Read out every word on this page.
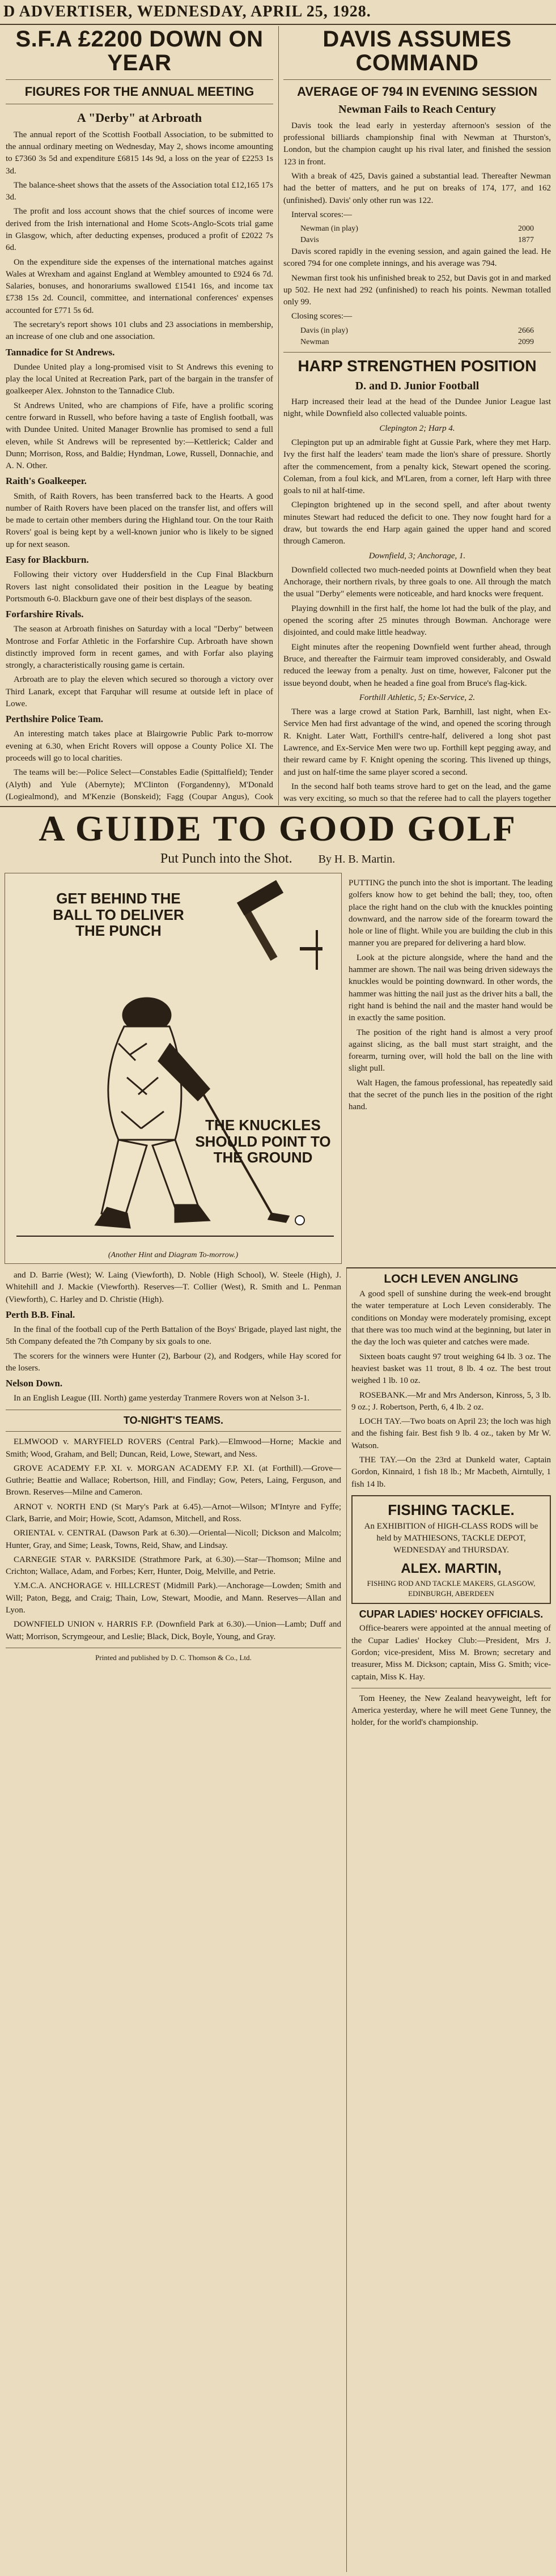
D ADVERTISER, WEDNESDAY, APRIL 25, 1928.

S.F.A £2200 DOWN ON YEAR

FIGURES FOR THE ANNUAL MEETING

A "Derby" at Arbroath

The annual report of the Scottish Football Association, to be submitted to the annual ordinary meeting on Wednesday, May 2, shows income amounting to £7360 3s 5d and expenditure £6815 14s 9d, a loss on the year of £2253 1s 3d.

The balance-sheet shows that the assets of the Association total £12,165 17s 3d.

The profit and loss account shows that the chief sources of income were derived from the Irish international and Home Scots-Anglo-Scots trial game in Glasgow, which, after deducting expenses, produced a profit of £2022 7s 6d.

On the expenditure side the expenses of the international matches against Wales at Wrexham and against England at Wembley amounted to £924 6s 7d. Salaries, bonuses, and honorariums swallowed £1541 16s, and income tax £738 15s 2d. Council, committee, and international conferences' expenses accounted for £771 5s 6d.

The secretary's report shows 101 clubs and 23 associations in membership, an increase of one club and one association.

Tannadice for St Andrews.

Dundee United play a long-promised visit to St Andrews this evening to play the local United at Recreation Park, part of the bargain in the transfer of goalkeeper Alex. Johnston to the Tannadice Club.

St Andrews United, who are champions of Fife, have a prolific scoring centre forward in Russell, who before having a taste of English football, was with Dundee United. United Manager Brownlie has promised to send a full eleven, while St Andrews will be represented by:—Kettlerick; Calder and Dunn; Morrison, Ross, and Baldie; Hyndman, Lowe, Russell, Donnachie, and A. N. Other.

Raith's Goalkeeper.

Smith, of Raith Rovers, has been transferred back to the Hearts. A good number of Raith Rovers have been placed on the transfer list, and offers will be made to certain other members during the Highland tour. On the tour Raith Rovers' goal is being kept by a well-known junior who is likely to be signed up for next season.

Easy for Blackburn.

Following their victory over Huddersfield in the Cup Final Blackburn Rovers last night consolidated their position in the League by beating Portsmouth 6-0. Blackburn gave one of their best displays of the season.

Forfarshire Rivals.

The season at Arbroath finishes on Saturday with a local "Derby" between Montrose and Forfar Athletic in the Forfarshire Cup. Arbroath have shown distinctly improved form in recent games, and with Forfar also playing strongly, a characteristically rousing game is certain.

Arbroath are to play the eleven which secured so thorough a victory over Third Lanark, except that Farquhar will resume at outside left in place of Lowe.

Perthshire Police Team.

An interesting match takes place at Blairgowrie Public Park to-morrow evening at 6.30, when Ericht Rovers will oppose a County Police XI. The proceeds will go to local charities.

The teams will be:—Police Select—Constables Eadie (Spittalfield); Tender (Alyth) and Yule (Abernyte); M'Clinton (Forgandenny), M'Donald (Logiealmond), and M'Kenzie (Bonskeid); Fagg (Coupar Angus), Cook

DAVIS ASSUMES COMMAND

AVERAGE OF 794 IN EVENING SESSION

Newman Fails to Reach Century

Davis took the lead early in yesterday afternoon's session of the professional billiards championship final with Newman at Thurston's, London, but the champion caught up his rival later, and finished the session 123 in front.

With a break of 425, Davis gained a substantial lead. Thereafter Newman had the better of matters, and he put on breaks of 174, 177, and 162 (unfinished). Davis' only other run was 122.

Interval scores:—

Newman (in play)	2000
Davis	1877

Davis scored rapidly in the evening session, and again gained the lead. He scored 794 for one complete innings, and his average was 794.

Newman first took his unfinished break to 252, but Davis got in and marked up 502. He next had 292 (unfinished) to reach his points. Newman totalled only 99.

Closing scores:—

Davis (in play)	2666
Newman	2099

HARP STRENGTHEN POSITION

D. and D. Junior Football

Harp increased their lead at the head of the Dundee Junior League last night, while Downfield also collected valuable points.

Clepington 2; Harp 4.

Clepington put up an admirable fight at Gussie Park, where they met Harp. Ivy the first half the leaders' team made the lion's share of pressure. Shortly after the commencement, from a penalty kick, Stewart opened the scoring. Coleman, from a foul kick, and M'Laren, from a corner, left Harp with three goals to nil at half-time.

Clepington brightened up in the second spell, and after about twenty minutes Stewart had reduced the deficit to one. They now fought hard for a draw, but towards the end Harp again gained the upper hand and scored through Cameron.

Downfield, 3; Anchorage, 1.

Downfield collected two much-needed points at Downfield when they beat Anchorage, their northern rivals, by three goals to one. All through the match the usual "Derby" elements were noticeable, and hard knocks were frequent.

Playing downhill in the first half, the home lot had the bulk of the play, and opened the scoring after 25 minutes through Bowman. Anchorage were disjointed, and could make little headway.

Eight minutes after the reopening Downfield went further ahead, through Bruce, and thereafter the Fairmuir team improved considerably, and Oswald reduced the leeway from a penalty. Just on time, however, Falconer put the issue beyond doubt, when he headed a fine goal from Bruce's flag-kick.

Forthill Athletic, 5; Ex-Service, 2.

There was a large crowd at Station Park, Barnhill, last night, when Ex-Service Men had first advantage of the wind, and opened the scoring through R. Knight. Later Watt, Forthill's centre-half, delivered a long shot past Lawrence, and Ex-Service Men were two up. Forthill kept pegging away, and their reward came by F. Knight opening the scoring. This livened up things, and just on half-time the same player scored a second.

In the second half both teams strove hard to get on the lead, and the game was very exciting, so much so that the referee had to call the players together

A GUIDE TO GOOD GOLF
Put Punch into the Shot. By H. B. Martin.
GET BEHIND THE BALL TO DELIVER THE PUNCH
THE KNUCKLES SHOULD POINT TO THE GROUND
(Another Hint and Diagram To-morrow.)

PUTTING the punch into the shot is important. The leading golfers know how to get behind the ball; they, too, often place the right hand on the club with the knuckles pointing downward, and the narrow side of the forearm toward the hole or line of flight. While you are building the club in this manner you are prepared for delivering a hard blow.

Look at the picture alongside, where the hand and the hammer are shown. The nail was being driven sideways the knuckles would be pointing downward. In other words, the hammer was hitting the nail just as the driver hits a ball, the right hand is behind the nail and the master hand would be in exactly the same position.

The position of the right hand is almost a very proof against slicing, as the ball must start straight, and the forearm, turning over, will hold the ball on the line with slight pull.

Walt Hagen, the famous professional, has repeatedly said that the secret of the punch lies in the position of the right hand.

and D. Barrie (West); W. Laing (Viewforth), D. Noble (High School), W. Steele (High), J. Whitehill and J. Mackie (Viewforth). Reserves—T. Collier (West), R. Smith and L. Penman (Viewforth), C. Harley and D. Christie (High).

Perth B.B. Final.

In the final of the football cup of the Perth Battalion of the Boys' Brigade, played last night, the 5th Company defeated the 7th Company by six goals to one.

The scorers for the winners were Hunter (2), Barbour (2), and Rodgers, while Hay scored for the losers.

Nelson Down.

In an English League (III. North) game yesterday Tranmere Rovers won at Nelson 3-1.

TO-NIGHT'S TEAMS.

ELMWOOD v. MARYFIELD ROVERS (Central Park).—Elmwood—Horne; Mackie and Smith; Wood, Graham, and Bell; Duncan, Reid, Lowe, Stewart, and Ness.

GROVE ACADEMY F.P. XI. v. MORGAN ACADEMY F.P. XI. (at Forthill).—Grove—Guthrie; Beattie and Wallace; Robertson, Hill, and Findlay; Gow, Peters, Laing, Ferguson, and Brown. Reserves—Milne and Cameron.

ARNOT v. NORTH END (St Mary's Park at 6.45).—Arnot—Wilson; M'Intyre and Fyffe; Clark, Barrie, and Moir; Howie, Scott, Adamson, Mitchell, and Ross.

ORIENTAL v. CENTRAL (Dawson Park at 6.30).—Oriental—Nicoll; Dickson and Malcolm; Hunter, Gray, and Sime; Leask, Towns, Reid, Shaw, and Lindsay.

CARNEGIE STAR v. PARKSIDE (Strathmore Park, at 6.30).—Star—Thomson; Milne and Crichton; Wallace, Adam, and Forbes; Kerr, Hunter, Doig, Melville, and Petrie.

Y.M.C.A. ANCHORAGE v. HILLCREST (Midmill Park).—Anchorage—Lowden; Smith and Will; Paton, Begg, and Craig; Thain, Low, Stewart, Moodie, and Mann. Reserves—Allan and Lyon.

DOWNFIELD UNION v. HARRIS F.P. (Downfield Park at 6.30).—Union—Lamb; Duff and Watt; Morrison, Scrymgeour, and Leslie; Black, Dick, Boyle, Young, and Gray.

Printed and published by D. C. Thomson & Co., Ltd.

LOCH LEVEN ANGLING

A good spell of sunshine during the week-end brought the water temperature at Loch Leven considerably. The conditions on Monday were moderately promising, except that there was too much wind at the beginning, but later in the day the loch was quieter and catches were made.

Sixteen boats caught 97 trout weighing 64 lb. 3 oz. The heaviest basket was 11 trout, 8 lb. 4 oz. The best trout weighed 1 lb. 10 oz.

ROSEBANK.—Mr and Mrs Anderson, Kinross, 5, 3 lb. 9 oz.; J. Robertson, Perth, 6, 4 lb. 2 oz.

LOCH TAY.—Two boats on April 23; the loch was high and the fishing fair. Best fish 9 lb. 4 oz., taken by Mr W. Watson.

THE TAY.—On the 23rd at Dunkeld water, Captain Gordon, Kinnaird, 1 fish 18 lb.; Mr Macbeth, Airntully, 1 fish 14 lb.

FISHING TACKLE.
An EXHIBITION of HIGH-CLASS RODS will be held by MATHIESONS, TACKLE DEPOT, WEDNESDAY and THURSDAY.
ALEX. MARTIN,
FISHING ROD AND TACKLE MAKERS, GLASGOW, EDINBURGH, ABERDEEN

CUPAR LADIES' HOCKEY OFFICIALS.

Office-bearers were appointed at the annual meeting of the Cupar Ladies' Hockey Club:—President, Mrs J. Gordon; vice-president, Miss M. Brown; secretary and treasurer, Miss M. Dickson; captain, Miss G. Smith; vice-captain, Miss K. Hay.

Tom Heeney, the New Zealand heavyweight, left for America yesterday, where he will meet Gene Tunney, the holder, for the world's championship.
